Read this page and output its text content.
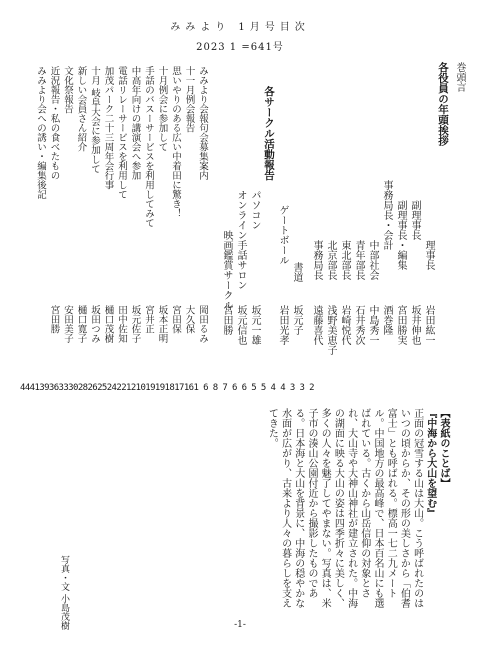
みみより 1月号目次
2023 1 =641号
巻頭言
各役員の年頭挨拶
理事長
岩田紘一
副理事長
坂井伸也
副理事長・編集
宮田勝実
事務局長・会計
酒巻隆
中部社会
中島秀一
青年部長
石井秀次
東北部長
岩崎悦代
北京部長
浅野美恵子
事務局長
遠藤喜代
各サークル活動報告
書道
坂元子
ゲートボール
岩田光孝
パソコン
坂元一雄
オンライン手話サロン
坂元信也
映画鑑賞サークル
宮田勝
みみより会報句会募集案内
岡田るみ
十一月例会報告
大久保
思いやりのある広い中着田に驚き！
宮田保
十月例会に参加して
坂本正明
手話のバスーサービスを利用してみて
宮井正
中高年向けの講演会へ参加
坂元佐子
電話リレーサービスを利用して
田中佐知
加茂パーク二十三周年会行事
樋口茂樹
十月 岐阜大会に参加して
坂田つみ
新しい会員さん紹介
樋口寛子
文化祭報告
安田美子
近況報告・私の食べたもの
宮田勝
みみより会への誘い・編集後記
4441393633302826252422121019191817161 6 8 7 6 6 5 5 4 4 3 3 2

【表紙のことば】

『中海から大山を望む』

正面の冠雪する山は大山。こう呼ばれたのはいつの頃からか、その形の美しさから「伯耆富士」とも呼ばれる。標高一七二九メートル。中国地方の最高峰で、日本百名山にも選ばれている。古くから山岳信仰の対象とされ、大山寺や大神山神社が建立された。中海の湖面に映る大山の姿は四季折々に美しく、多くの人々を魅了してやまない。写真は、米子市の湊山公園付近から撮影したものである。日本海と大山を背景に、中海の穏やかな水面が広がり、古来より人々の暮らしを支えてきた。

写真・文 小島茂樹	-1-
